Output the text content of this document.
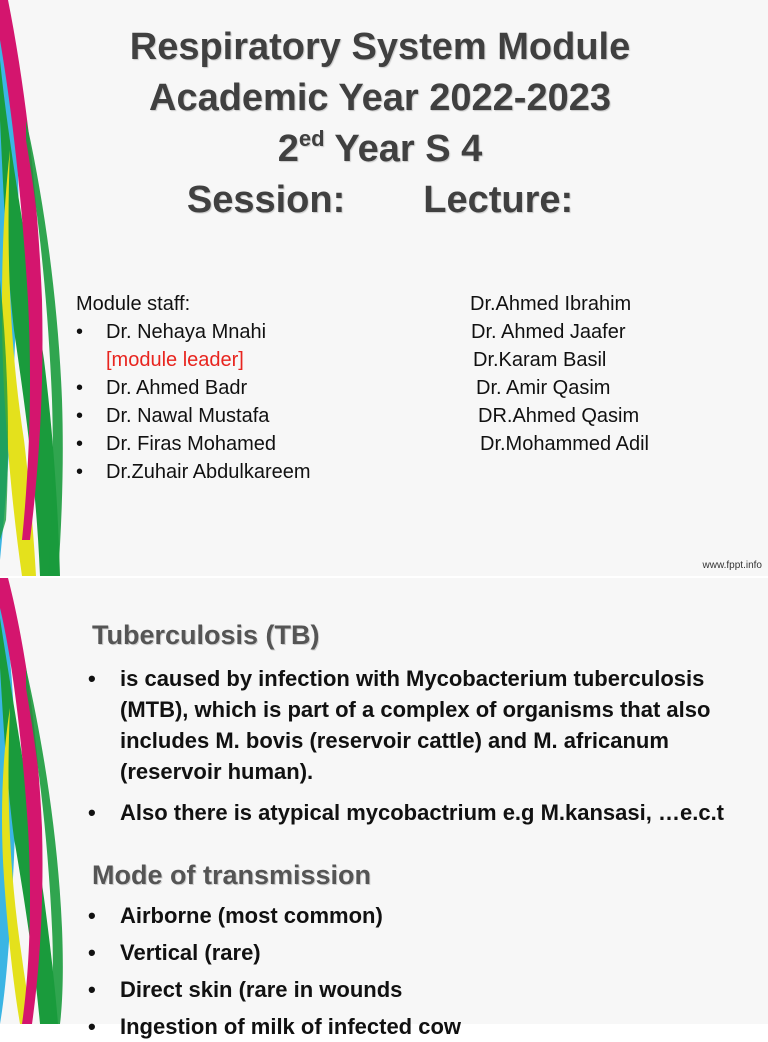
Respiratory System Module
Academic Year 2022-2023
$2^{ed}$ Year S 4
Session: Lecture:
Module staff:
• Dr. Nehaya Mnahi
[module leader]
• Dr. Ahmed Badr
• Dr. Nawal Mustafa
• Dr. Firas Mohamed
• Dr.Zuhair Abdulkareem
Dr.Ahmed Ibrahim
Dr. Ahmed Jaafer
Dr.Karam Basil
Dr. Amir Qasim
DR.Ahmed Qasim
Dr.Mohammed Adil
www.fppt.info
Tuberculosis (TB)
• is caused by infection with Mycobacterium tuberculosis (MTB), which is part of a complex of organisms that also includes M. bovis (reservoir cattle) and M. africanum (reservoir human).
• Also there is atypical mycobactrium e.g M.kansasi, …e.c.t
Mode of transmission
• Airborne (most common)
• Vertical (rare)
• Direct skin (rare in wounds
• Ingestion of milk of infected cow
